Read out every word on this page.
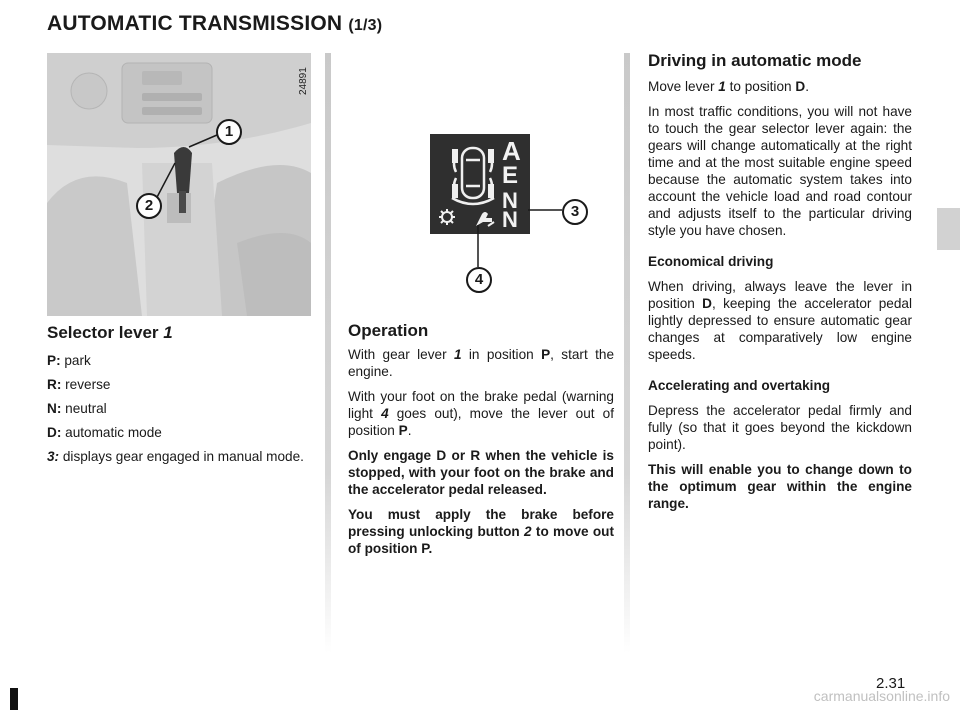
AUTOMATIC TRANSMISSION (1/3)
24891
1
2
Selector lever 1
P: park
R: reverse
N: neutral
D: automatic mode
3: displays gear engaged in manual mode.
A
E
N
N	3
4
Operation

With gear lever 1 in position P, start the engine.

With your foot on the brake pedal (warning light 4 goes out), move the lever out of position P.

Only engage D or R when the vehicle is stopped, with your foot on the brake and the accelerator pedal released.

You must apply the brake before pressing unlocking button 2 to move out of position P.

Driving in automatic mode

Move lever 1 to position D.

In most traffic conditions, you will not have to touch the gear selector lever again: the gears will change automatically at the right time and at the most suitable engine speed because the automatic system takes into account the vehicle load and road contour and adjusts itself to the particular driving style you have chosen.

Economical driving

When driving, always leave the lever in position D, keeping the accelerator pedal lightly depressed to ensure automatic gear changes at comparatively low engine speeds.

Accelerating and overtaking

Depress the accelerator pedal firmly and fully (so that it goes beyond the kickdown point).

This will enable you to change down to the optimum gear within the engine range.

2.31
carmanualsonline.info
